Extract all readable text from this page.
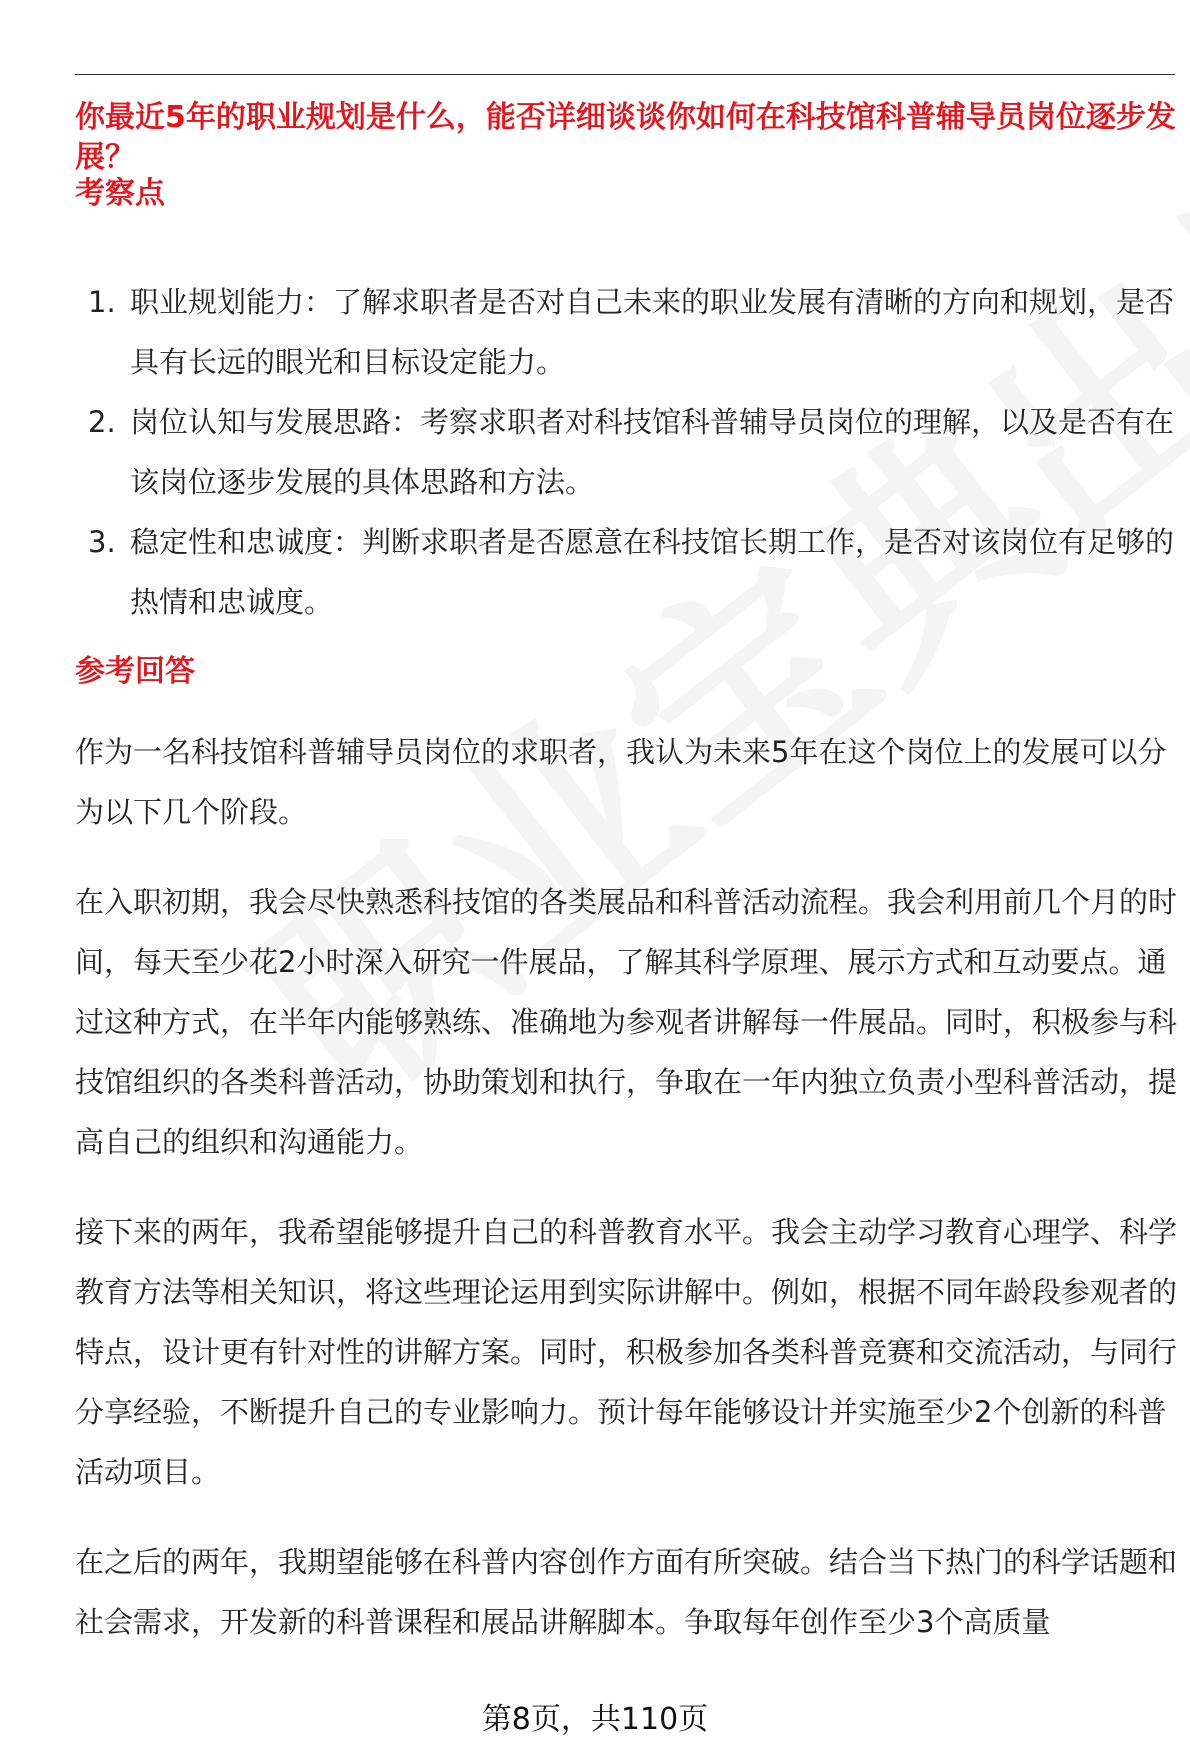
你最近5年的职业规划是什么，能否详细谈谈你如何在科技馆科普辅导员岗位逐步发展？
考察点
1. 职业规划能力：了解求职者是否对自己未来的职业发展有清晰的方向和规划，是否具有长远的眼光和目标设定能力。
2. 岗位认知与发展思路：考察求职者对科技馆科普辅导员岗位的理解，以及是否有在该岗位逐步发展的具体思路和方法。
3. 稳定性和忠诚度：判断求职者是否愿意在科技馆长期工作，是否对该岗位有足够的热情和忠诚度。
参考回答

作为一名科技馆科普辅导员岗位的求职者，我认为未来5年在这个岗位上的发展可以分为以下几个阶段。

在入职初期，我会尽快熟悉科技馆的各类展品和科普活动流程。我会利用前几个月的时间，每天至少花2小时深入研究一件展品，了解其科学原理、展示方式和互动要点。通过这种方式，在半年内能够熟练、准确地为参观者讲解每一件展品。同时，积极参与科技馆组织的各类科普活动，协助策划和执行，争取在一年内独立负责小型科普活动，提高自己的组织和沟通能力。

接下来的两年，我希望能够提升自己的科普教育水平。我会主动学习教育心理学、科学教育方法等相关知识，将这些理论运用到实际讲解中。例如，根据不同年龄段参观者的特点，设计更有针对性的讲解方案。同时，积极参加各类科普竞赛和交流活动，与同行分享经验，不断提升自己的专业影响力。预计每年能够设计并实施至少2个创新的科普活动项目。

在之后的两年，我期望能够在科普内容创作方面有所突破。结合当下热门的科学话题和社会需求，开发新的科普课程和展品讲解脚本。争取每年创作至少3个高质量

第8页，共110页
